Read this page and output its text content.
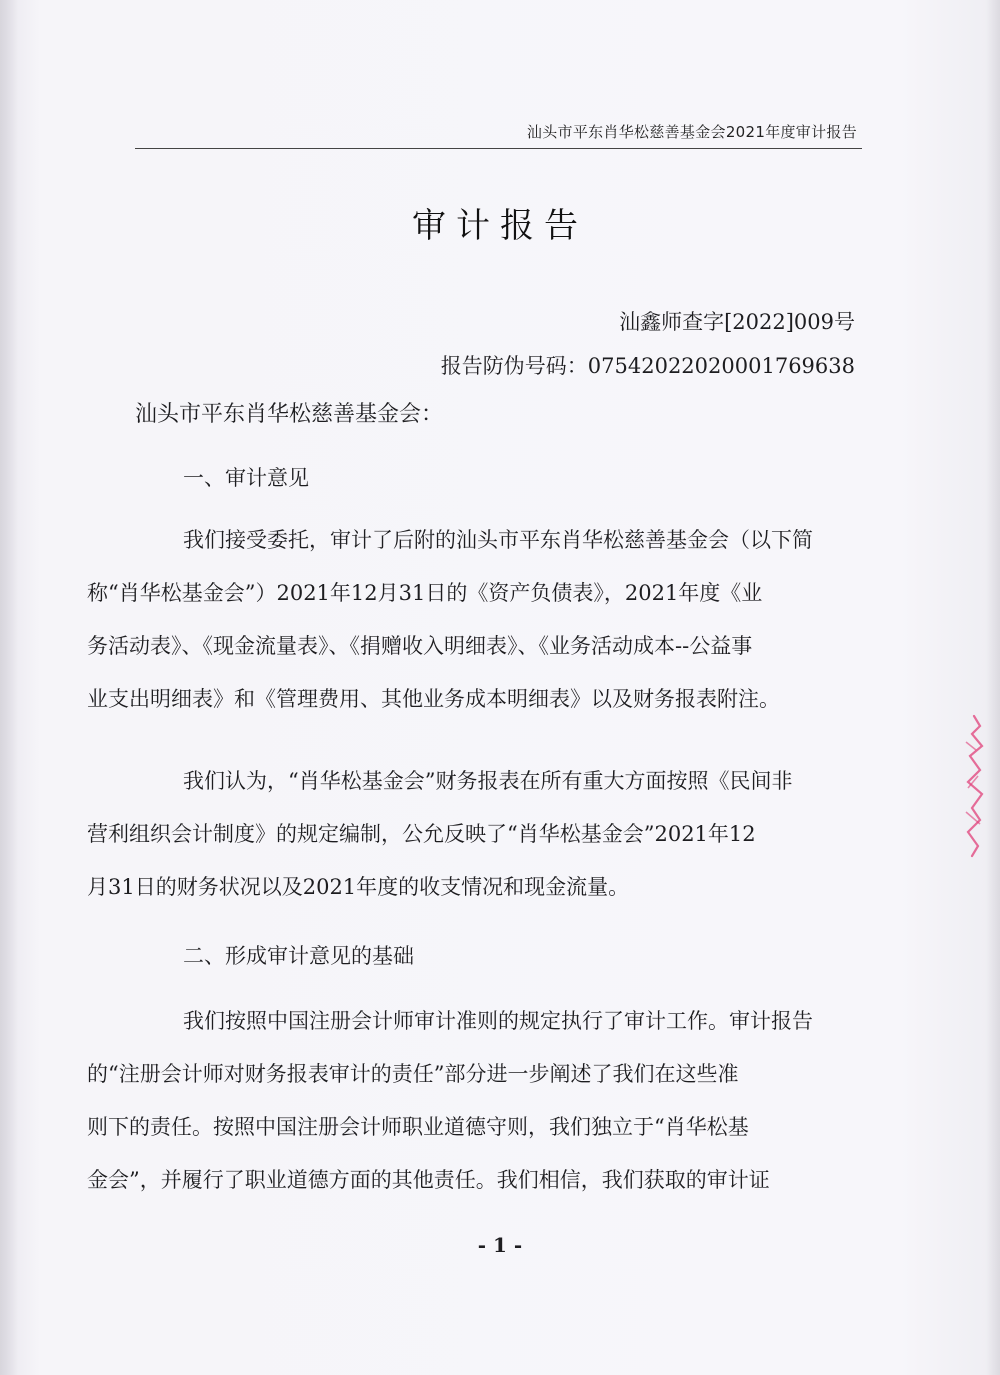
汕头市平东肖华松慈善基金会2021年度审计报告
审计报告
汕鑫师查字[2022]009号
报告防伪号码：07542022020001769638
汕头市平东肖华松慈善基金会：
一、审计意见
我们接受委托，审计了后附的汕头市平东肖华松慈善基金会（以下简
称“肖华松基金会”）2021年12月31日的《资产负债表》，2021年度《业
务活动表》、《现金流量表》、《捐赠收入明细表》、《业务活动成本--公益事
业支出明细表》和《管理费用、其他业务成本明细表》以及财务报表附注。
我们认为，“肖华松基金会”财务报表在所有重大方面按照《民间非
营利组织会计制度》的规定编制，公允反映了“肖华松基金会”2021年12
月31日的财务状况以及2021年度的收支情况和现金流量。
二、形成审计意见的基础
我们按照中国注册会计师审计准则的规定执行了审计工作。审计报告
的“注册会计师对财务报表审计的责任”部分进一步阐述了我们在这些准
则下的责任。按照中国注册会计师职业道德守则，我们独立于“肖华松基
金会”，并履行了职业道德方面的其他责任。我们相信，我们获取的审计证
- 1 -
